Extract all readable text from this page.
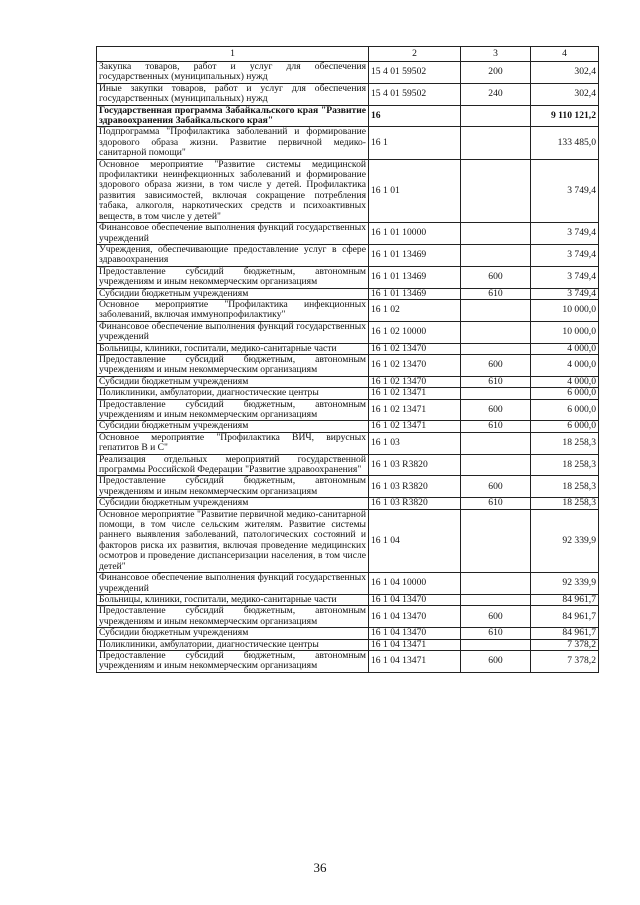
1	2	3	4
Закупка товаров, работ и услуг для обеспечения государственных (муниципальных) нужд	15 4 01 59502	200	302,4
Иные закупки товаров, работ и услуг для обеспечения государственных (муниципальных) нужд	15 4 01 59502	240	302,4
Государственная программа Забайкальского края "Развитие здравоохранения Забайкальского края"	16		9 110 121,2
Подпрограмма "Профилактика заболеваний и формирование здорового образа жизни. Развитие первичной медико-санитарной помощи"	16 1		133 485,0
Основное мероприятие "Развитие системы медицинской профилактики неинфекционных заболеваний и формирование здорового образа жизни, в том числе у детей. Профилактика развития зависимостей, включая сокращение потребления табака, алкоголя, наркотических средств и психоактивных веществ, в том числе у детей"	16 1 01		3 749,4
Финансовое обеспечение выполнения функций государственных учреждений	16 1 01 10000		3 749,4
Учреждения, обеспечивающие предоставление услуг в сфере здравоохранения	16 1 01 13469		3 749,4
Предоставление субсидий бюджетным, автономным учреждениям и иным некоммерческим организациям	16 1 01 13469	600	3 749,4
Субсидии бюджетным учреждениям	16 1 01 13469	610	3 749,4
Основное мероприятие "Профилактика инфекционных заболеваний, включая иммунопрофилактику"	16 1 02		10 000,0
Финансовое обеспечение выполнения функций государственных учреждений	16 1 02 10000		10 000,0
Больницы, клиники, госпитали, медико-санитарные части	16 1 02 13470		4 000,0
Предоставление субсидий бюджетным, автономным учреждениям и иным некоммерческим организациям	16 1 02 13470	600	4 000,0
Субсидии бюджетным учреждениям	16 1 02 13470	610	4 000,0
Поликлиники, амбулатории, диагностические центры	16 1 02 13471		6 000,0
Предоставление субсидий бюджетным, автономным учреждениям и иным некоммерческим организациям	16 1 02 13471	600	6 000,0
Субсидии бюджетным учреждениям	16 1 02 13471	610	6 000,0
Основное мероприятие "Профилактика ВИЧ, вирусных гепатитов В и С"	16 1 03		18 258,3
Реализация отдельных мероприятий государственной программы Российской Федерации "Развитие здравоохранения"	16 1 03 R3820		18 258,3
Предоставление субсидий бюджетным, автономным учреждениям и иным некоммерческим организациям	16 1 03 R3820	600	18 258,3
Субсидии бюджетным учреждениям	16 1 03 R3820	610	18 258,3
Основное мероприятие "Развитие первичной медико-санитарной помощи, в том числе сельским жителям. Развитие системы раннего выявления заболеваний, патологических состояний и факторов риска их развития, включая проведение медицинских осмотров и проведение диспансеризации населения, в том числе детей"	16 1 04		92 339,9
Финансовое обеспечение выполнения функций государственных учреждений	16 1 04 10000		92 339,9
Больницы, клиники, госпитали, медико-санитарные части	16 1 04 13470		84 961,7
Предоставление субсидий бюджетным, автономным учреждениям и иным некоммерческим организациям	16 1 04 13470	600	84 961,7
Субсидии бюджетным учреждениям	16 1 04 13470	610	84 961,7
Поликлиники, амбулатории, диагностические центры	16 1 04 13471		7 378,2
Предоставление субсидий бюджетным, автономным учреждениям и иным некоммерческим организациям	16 1 04 13471	600	7 378,2
36
